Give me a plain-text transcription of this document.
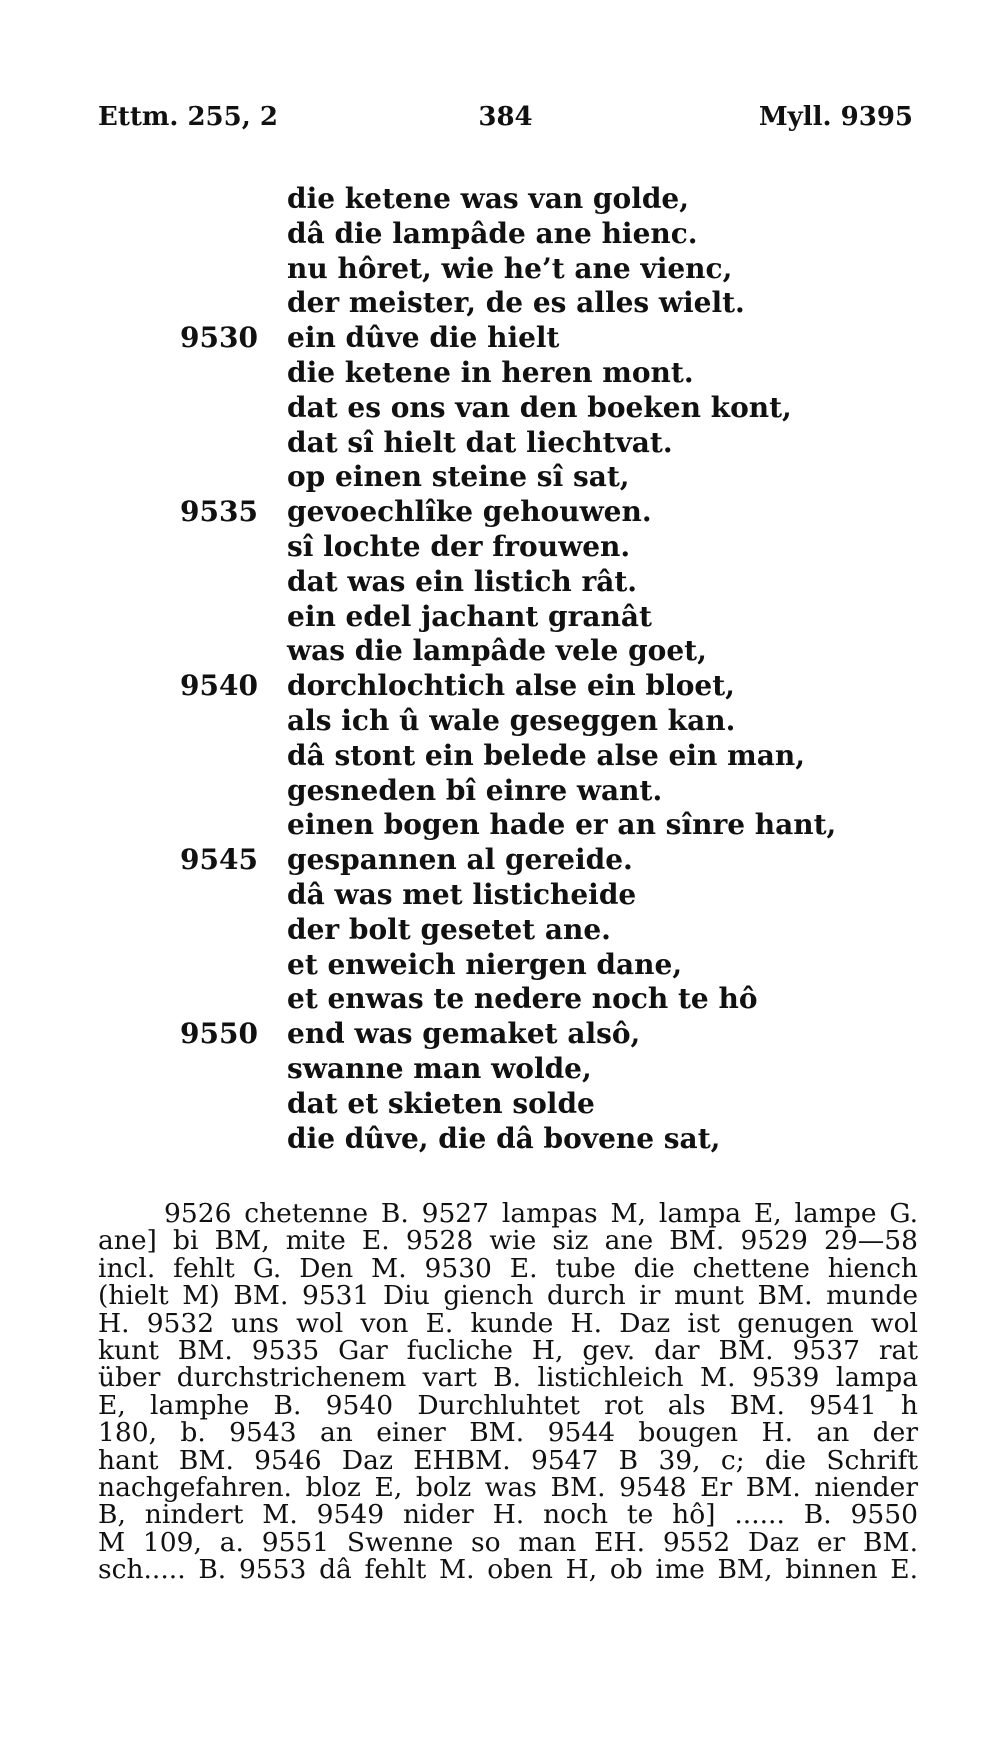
Ettm. 255, 2	384	Myll. 9395
die ketene was van golde,
dâ die lampâde ane hienc.
nu hôret, wie he’t ane vienc,
der meister, de es alles wielt.
9530 ein dûve die hielt
die ketene in heren mont.
dat es ons van den boeken kont,
dat sî hielt dat liechtvat.
op einen steine sî sat,
9535 gevoechlîke gehouwen.
sî lochte der frouwen.
dat was ein listich rât.
ein edel jachant granât
was die lampâde vele goet,
9540 dorchlochtich alse ein bloet,
als ich û wale geseggen kan.
dâ stont ein belede alse ein man,
gesneden bî einre want.
einen bogen hade er an sînre hant,
9545 gespannen al gereide.
dâ was met listicheide
der bolt gesetet ane.
et enweich niergen dane,
et enwas te nedere noch te hô
9550 end was gemaket alsô,
swanne man wolde,
dat et skieten solde
die dûve, die dâ bovene sat,
9526 chetenne B. 9527 lampas M, lampa E, lampe G.
ane] bi BM, mite E. 9528 wie siz ane BM. 9529 29—58
incl. fehlt G. Den M. 9530 E. tube die chettene hiench
(hielt M) BM. 9531 Diu giench durch ir munt BM. munde
H. 9532 uns wol von E. kunde H. Daz ist genugen wol
kunt BM. 9535 Gar fucliche H, gev. dar BM. 9537 rat
über durchstrichenem vart B. listichleich M. 9539 lampa
E, lamphe B. 9540 Durchluhtet rot als BM. 9541 h
180, b. 9543 an einer BM. 9544 bougen H. an der
hant BM. 9546 Daz EHBM. 9547 B 39, c; die Schrift
nachgefahren. bloz E, bolz was BM. 9548 Er BM. niender
B, nindert M. 9549 nider H. noch te hô] ...... B. 9550
M 109, a. 9551 Swenne so man EH. 9552 Daz er BM.
sch..... B. 9553 dâ fehlt M. oben H, ob ime BM, binnen E.
